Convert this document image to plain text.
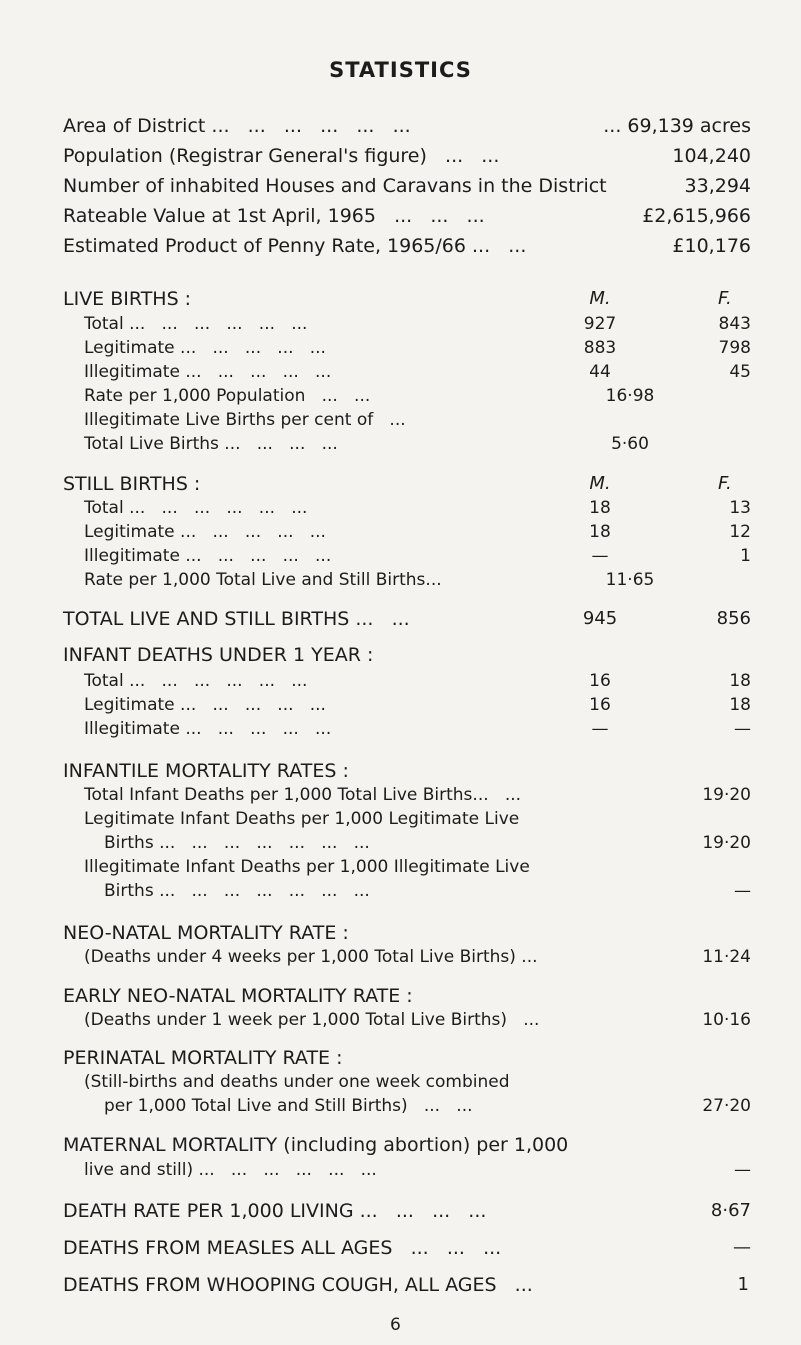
STATISTICS
Area of District ...   ...   ...   ...   ...   ...	... 69,139 acres
Population (Registrar General's figure)   ...   ...	104,240
Number of inhabited Houses and Caravans in the District	33,294
Rateable Value at 1st April, 1965   ...   ...   ...	£2,615,966
Estimated Product of Penny Rate, 1965/66 ...   ...	£10,176
LIVE BIRTHS :	M.	F.
Total ...   ...   ...   ...   ...   ...	927	843
Legitimate ...   ...   ...   ...   ...	883	798
Illegitimate ...   ...   ...   ...   ...	44	45
Rate per 1,000 Population   ...   ...	16·98
Illegitimate Live Births per cent of   ...
Total Live Births ...   ...   ...   ...	5·60
STILL BIRTHS :	M.	F.
Total ...   ...   ...   ...   ...   ...	18	13
Legitimate ...   ...   ...   ...   ...	18	12
Illegitimate ...   ...   ...   ...   ...	—	1
Rate per 1,000 Total Live and Still Births...	11·65
TOTAL LIVE AND STILL BIRTHS ...   ...	945	856
INFANT DEATHS UNDER 1 YEAR :
Total ...   ...   ...   ...   ...   ...	16	18
Legitimate ...   ...   ...   ...   ...	16	18
Illegitimate ...   ...   ...   ...   ...	—	—
INFANTILE MORTALITY RATES :
Total Infant Deaths per 1,000 Total Live Births...   ...	19·20
Legitimate Infant Deaths per 1,000 Legitimate Live
Births ...   ...   ...   ...   ...   ...   ...	19·20
Illegitimate Infant Deaths per 1,000 Illegitimate Live
Births ...   ...   ...   ...   ...   ...   ...	—
NEO-NATAL MORTALITY RATE :
(Deaths under 4 weeks per 1,000 Total Live Births) ...	11·24
EARLY NEO-NATAL MORTALITY RATE :
(Deaths under 1 week per 1,000 Total Live Births)   ...	10·16
PERINATAL MORTALITY RATE :
(Still-births and deaths under one week combined
per 1,000 Total Live and Still Births)   ...   ...	27·20
MATERNAL MORTALITY (including abortion) per 1,000
live and still) ...   ...   ...   ...   ...   ...	—
DEATH RATE PER 1,000 LIVING ...   ...   ...   ...	8·67
DEATHS FROM MEASLES ALL AGES   ...   ...   ...	—
DEATHS FROM WHOOPING COUGH, ALL AGES   ...	1
6
